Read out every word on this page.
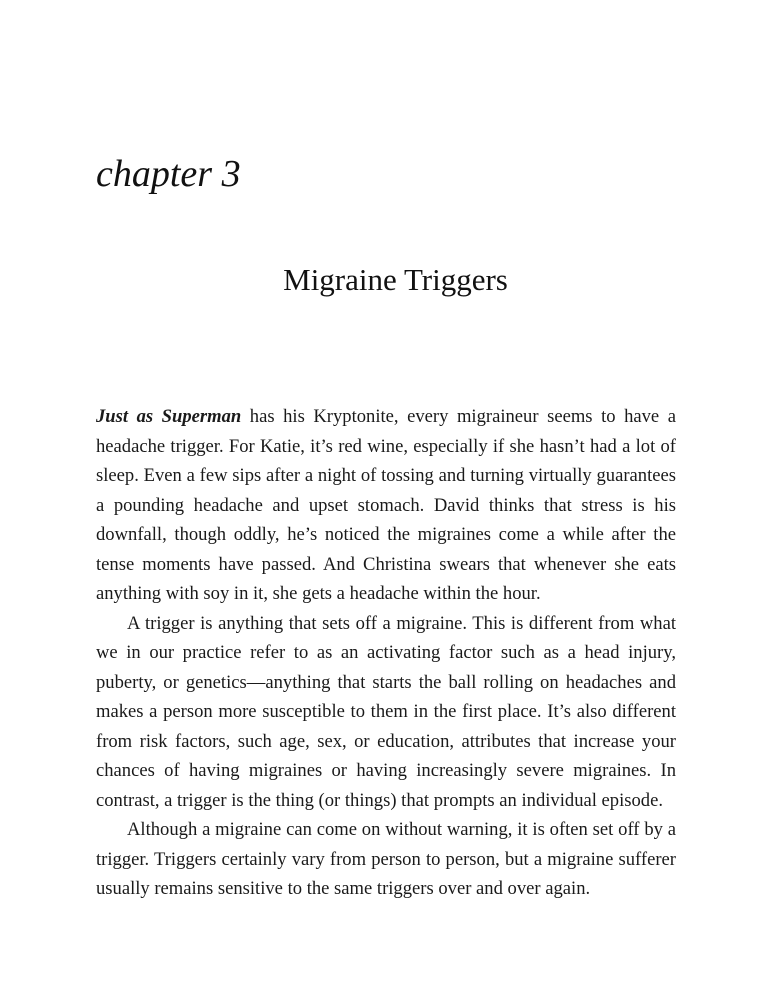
chapter 3
Migraine Triggers

Just as Superman has his Kryptonite, every migraineur seems to have a headache trigger. For Katie, it’s red wine, especially if she hasn’t had a lot of sleep. Even a few sips after a night of tossing and turning virtually guarantees a pounding headache and upset stomach. David thinks that stress is his downfall, though oddly, he’s noticed the migraines come a while after the tense moments have passed. And Christina swears that whenever she eats anything with soy in it, she gets a headache within the hour.

A trigger is anything that sets off a migraine. This is different from what we in our practice refer to as an activating factor such as a head injury, puberty, or genetics—anything that starts the ball rolling on headaches and makes a person more susceptible to them in the first place. It’s also different from risk factors, such age, sex, or education, attributes that increase your chances of having migraines or having increasingly severe migraines. In contrast, a trigger is the thing (or things) that prompts an individual episode.

Although a migraine can come on without warning, it is often set off by a trigger. Triggers certainly vary from person to person, but a migraine sufferer usually remains sensitive to the same triggers over and over again.
